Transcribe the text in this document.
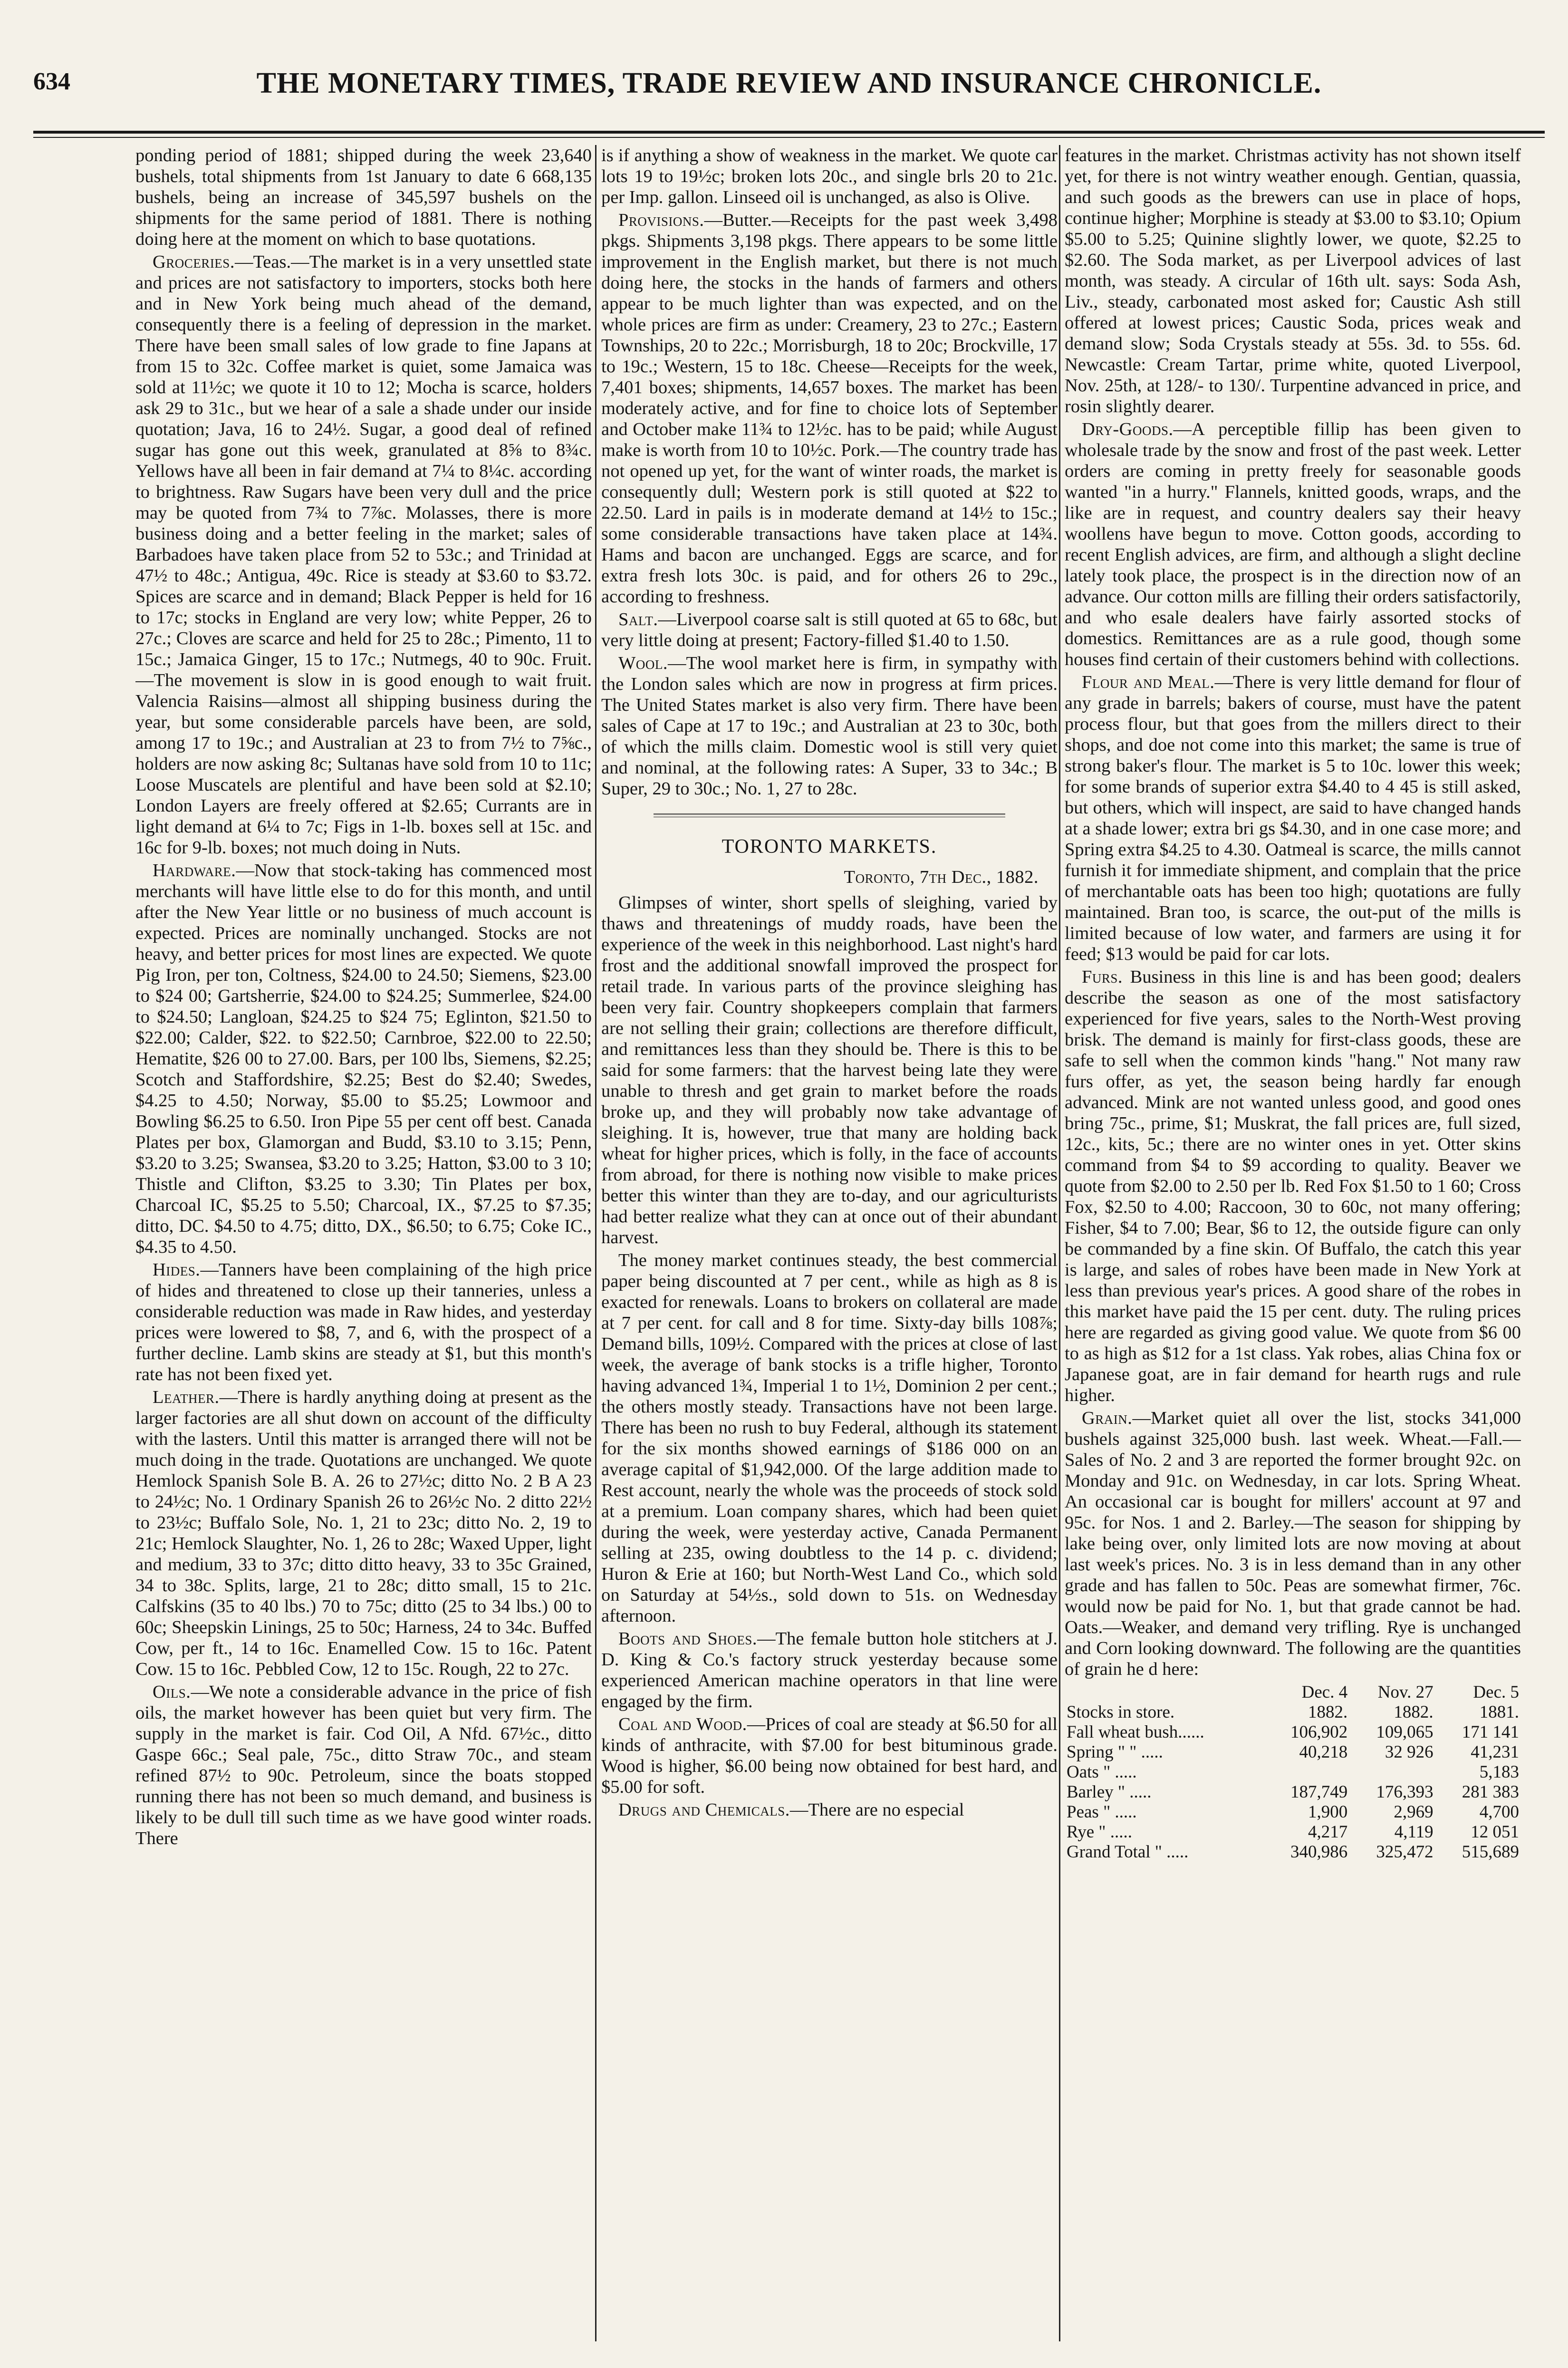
634	THE MONETARY TIMES, TRADE REVIEW AND INSURANCE CHRONICLE.

ponding period of 1881; shipped during the week 23,640 bushels, total shipments from 1st January to date 6 668,135 bushels, being an increase of 345,597 bushels on the shipments for the same period of 1881. There is nothing doing here at the moment on which to base quotations.

Groceries.—Teas.—The market is in a very unsettled state and prices are not satisfactory to importers, stocks both here and in New York being much ahead of the demand, consequently there is a feeling of depression in the market. There have been small sales of low grade to fine Japans at from 15 to 32c. Coffee market is quiet, some Jamaica was sold at 11½c; we quote it 10 to 12; Mocha is scarce, holders ask 29 to 31c., but we hear of a sale a shade under our inside quotation; Java, 16 to 24½. Sugar, a good deal of refined sugar has gone out this week, granulated at 8⅝ to 8¾c. Yellows have all been in fair demand at 7¼ to 8¼c. according to brightness. Raw Sugars have been very dull and the price may be quoted from 7¾ to 7⅞c. Molasses, there is more business doing and a better feeling in the market; sales of Barbadoes have taken place from 52 to 53c.; and Trinidad at 47½ to 48c.; Antigua, 49c. Rice is steady at $3.60 to $3.72. Spices are scarce and in demand; Black Pepper is held for 16 to 17c; stocks in England are very low; white Pepper, 26 to 27c.; Cloves are scarce and held for 25 to 28c.; Pimento, 11 to 15c.; Jamaica Ginger, 15 to 17c.; Nutmegs, 40 to 90c. Fruit.—The movement is slow in is good enough to wait fruit. Valencia Raisins—almost all shipping business during the year, but some considerable parcels have been, are sold, among 17 to 19c.; and Australian at 23 to from 7½ to 7⅝c., holders are now asking 8c; Sultanas have sold from 10 to 11c; Loose Muscatels are plentiful and have been sold at $2.10; London Layers are freely offered at $2.65; Currants are in light demand at 6¼ to 7c; Figs in 1-lb. boxes sell at 15c. and 16c for 9-lb. boxes; not much doing in Nuts.

Hardware.—Now that stock-taking has commenced most merchants will have little else to do for this month, and until after the New Year little or no business of much account is expected. Prices are nominally unchanged. Stocks are not heavy, and better prices for most lines are expected. We quote Pig Iron, per ton, Coltness, $24.00 to 24.50; Siemens, $23.00 to $24 00; Gartsherrie, $24.00 to $24.25; Summerlee, $24.00 to $24.50; Langloan, $24.25 to $24 75; Eglinton, $21.50 to $22.00; Calder, $22. to $22.50; Carnbroe, $22.00 to 22.50; Hematite, $26 00 to 27.00. Bars, per 100 lbs, Siemens, $2.25; Scotch and Staffordshire, $2.25; Best do $2.40; Swedes, $4.25 to 4.50; Norway, $5.00 to $5.25; Lowmoor and Bowling $6.25 to 6.50. Iron Pipe 55 per cent off best. Canada Plates per box, Glamorgan and Budd, $3.10 to 3.15; Penn, $3.20 to 3.25; Swansea, $3.20 to 3.25; Hatton, $3.00 to 3 10; Thistle and Clifton, $3.25 to 3.30; Tin Plates per box, Charcoal IC, $5.25 to 5.50; Charcoal, IX., $7.25 to $7.35; ditto, DC. $4.50 to 4.75; ditto, DX., $6.50; to 6.75; Coke IC., $4.35 to 4.50.

Hides.—Tanners have been complaining of the high price of hides and threatened to close up their tanneries, unless a considerable reduction was made in Raw hides, and yesterday prices were lowered to $8, 7, and 6, with the prospect of a further decline. Lamb skins are steady at $1, but this month's rate has not been fixed yet.

Leather.—There is hardly anything doing at present as the larger factories are all shut down on account of the difficulty with the lasters. Until this matter is arranged there will not be much doing in the trade. Quotations are unchanged. We quote Hemlock Spanish Sole B. A. 26 to 27½c; ditto No. 2 B A 23 to 24½c; No. 1 Ordinary Spanish 26 to 26½c No. 2 ditto 22½ to 23½c; Buffalo Sole, No. 1, 21 to 23c; ditto No. 2, 19 to 21c; Hemlock Slaughter, No. 1, 26 to 28c; Waxed Upper, light and medium, 33 to 37c; ditto ditto heavy, 33 to 35c Grained, 34 to 38c. Splits, large, 21 to 28c; ditto small, 15 to 21c. Calfskins (35 to 40 lbs.) 70 to 75c; ditto (25 to 34 lbs.) 00 to 60c; Sheepskin Linings, 25 to 50c; Harness, 24 to 34c. Buffed Cow, per ft., 14 to 16c. Enamelled Cow. 15 to 16c. Patent Cow. 15 to 16c. Pebbled Cow, 12 to 15c. Rough, 22 to 27c.

Oils.—We note a considerable advance in the price of fish oils, the market however has been quiet but very firm. The supply in the market is fair. Cod Oil, A Nfd. 67½c., ditto Gaspe 66c.; Seal pale, 75c., ditto Straw 70c., and steam refined 87½ to 90c. Petroleum, since the boats stopped running there has not been so much demand, and business is likely to be dull till such time as we have good winter roads. There

is if anything a show of weakness in the market. We quote car lots 19 to 19½c; broken lots 20c., and single brls 20 to 21c. per Imp. gallon. Linseed oil is unchanged, as also is Olive.

Provisions.—Butter.—Receipts for the past week 3,498 pkgs. Shipments 3,198 pkgs. There appears to be some little improvement in the English market, but there is not much doing here, the stocks in the hands of farmers and others appear to be much lighter than was expected, and on the whole prices are firm as under: Creamery, 23 to 27c.; Eastern Townships, 20 to 22c.; Morrisburgh, 18 to 20c; Brockville, 17 to 19c.; Western, 15 to 18c. Cheese—Receipts for the week, 7,401 boxes; shipments, 14,657 boxes. The market has been moderately active, and for fine to choice lots of September and October make 11¾ to 12½c. has to be paid; while August make is worth from 10 to 10½c. Pork.—The country trade has not opened up yet, for the want of winter roads, the market is consequently dull; Western pork is still quoted at $22 to 22.50. Lard in pails is in moderate demand at 14½ to 15c.; some considerable transactions have taken place at 14¾. Hams and bacon are unchanged. Eggs are scarce, and for extra fresh lots 30c. is paid, and for others 26 to 29c., according to freshness.

Salt.—Liverpool coarse salt is still quoted at 65 to 68c, but very little doing at present; Factory-filled $1.40 to 1.50.

Wool.—The wool market here is firm, in sympathy with the London sales which are now in progress at firm prices. The United States market is also very firm. There have been sales of Cape at 17 to 19c.; and Australian at 23 to 30c, both of which the mills claim. Domestic wool is still very quiet and nominal, at the following rates: A Super, 33 to 34c.; B Super, 29 to 30c.; No. 1, 27 to 28c.

TORONTO MARKETS.
Toronto, 7th Dec., 1882.

Glimpses of winter, short spells of sleighing, varied by thaws and threatenings of muddy roads, have been the experience of the week in this neighborhood. Last night's hard frost and the additional snowfall improved the prospect for retail trade. In various parts of the province sleighing has been very fair. Country shopkeepers complain that farmers are not selling their grain; collections are therefore difficult, and remittances less than they should be. There is this to be said for some farmers: that the harvest being late they were unable to thresh and get grain to market before the roads broke up, and they will probably now take advantage of sleighing. It is, however, true that many are holding back wheat for higher prices, which is folly, in the face of accounts from abroad, for there is nothing now visible to make prices better this winter than they are to-day, and our agriculturists had better realize what they can at once out of their abundant harvest.

The money market continues steady, the best commercial paper being discounted at 7 per cent., while as high as 8 is exacted for renewals. Loans to brokers on collateral are made at 7 per cent. for call and 8 for time. Sixty-day bills 108⅞; Demand bills, 109½. Compared with the prices at close of last week, the average of bank stocks is a trifle higher, Toronto having advanced 1¾, Imperial 1 to 1½, Dominion 2 per cent.; the others mostly steady. Transactions have not been large. There has been no rush to buy Federal, although its statement for the six months showed earnings of $186 000 on an average capital of $1,942,000. Of the large addition made to Rest account, nearly the whole was the proceeds of stock sold at a premium. Loan company shares, which had been quiet during the week, were yesterday active, Canada Permanent selling at 235, owing doubtless to the 14 p. c. dividend; Huron & Erie at 160; but North-West Land Co., which sold on Saturday at 54½s., sold down to 51s. on Wednesday afternoon.

Boots and Shoes.—The female button hole stitchers at J. D. King & Co.'s factory struck yesterday because some experienced American machine operators in that line were engaged by the firm.

Coal and Wood.—Prices of coal are steady at $6.50 for all kinds of anthracite, with $7.00 for best bituminous grade. Wood is higher, $6.00 being now obtained for best hard, and $5.00 for soft.

Drugs and Chemicals.—There are no especial

features in the market. Christmas activity has not shown itself yet, for there is not wintry weather enough. Gentian, quassia, and such goods as the brewers can use in place of hops, continue higher; Morphine is steady at $3.00 to $3.10; Opium $5.00 to 5.25; Quinine slightly lower, we quote, $2.25 to $2.60. The Soda market, as per Liverpool advices of last month, was steady. A circular of 16th ult. says: Soda Ash, Liv., steady, carbonated most asked for; Caustic Ash still offered at lowest prices; Caustic Soda, prices weak and demand slow; Soda Crystals steady at 55s. 3d. to 55s. 6d. Newcastle: Cream Tartar, prime white, quoted Liverpool, Nov. 25th, at 128/- to 130/. Turpentine advanced in price, and rosin slightly dearer.

Dry-Goods.—A perceptible fillip has been given to wholesale trade by the snow and frost of the past week. Letter orders are coming in pretty freely for seasonable goods wanted "in a hurry." Flannels, knitted goods, wraps, and the like are in request, and country dealers say their heavy woollens have begun to move. Cotton goods, according to recent English advices, are firm, and although a slight decline lately took place, the prospect is in the direction now of an advance. Our cotton mills are filling their orders satisfactorily, and who esale dealers have fairly assorted stocks of domestics. Remittances are as a rule good, though some houses find certain of their customers behind with collections.

Flour and Meal.—There is very little demand for flour of any grade in barrels; bakers of course, must have the patent process flour, but that goes from the millers direct to their shops, and doe not come into this market; the same is true of strong baker's flour. The market is 5 to 10c. lower this week; for some brands of superior extra $4.40 to 4 45 is still asked, but others, which will inspect, are said to have changed hands at a shade lower; extra bri gs $4.30, and in one case more; and Spring extra $4.25 to 4.30. Oatmeal is scarce, the mills cannot furnish it for immediate shipment, and complain that the price of merchantable oats has been too high; quotations are fully maintained. Bran too, is scarce, the out-put of the mills is limited because of low water, and farmers are using it for feed; $13 would be paid for car lots.

Furs. Business in this line is and has been good; dealers describe the season as one of the most satisfactory experienced for five years, sales to the North-West proving brisk. The demand is mainly for first-class goods, these are safe to sell when the common kinds "hang." Not many raw furs offer, as yet, the season being hardly far enough advanced. Mink are not wanted unless good, and good ones bring 75c., prime, $1; Muskrat, the fall prices are, full sized, 12c., kits, 5c.; there are no winter ones in yet. Otter skins command from $4 to $9 according to quality. Beaver we quote from $2.00 to 2.50 per lb. Red Fox $1.50 to 1 60; Cross Fox, $2.50 to 4.00; Raccoon, 30 to 60c, not many offering; Fisher, $4 to 7.00; Bear, $6 to 12, the outside figure can only be commanded by a fine skin. Of Buffalo, the catch this year is large, and sales of robes have been made in New York at less than previous year's prices. A good share of the robes in this market have paid the 15 per cent. duty. The ruling prices here are regarded as giving good value. We quote from $6 00 to as high as $12 for a 1st class. Yak robes, alias China fox or Japanese goat, are in fair demand for hearth rugs and rule higher.

Grain.—Market quiet all over the list, stocks 341,000 bushels against 325,000 bush. last week. Wheat.—Fall.—Sales of No. 2 and 3 are reported the former brought 92c. on Monday and 91c. on Wednesday, in car lots. Spring Wheat. An occasional car is bought for millers' account at 97 and 95c. for Nos. 1 and 2. Barley.—The season for shipping by lake being over, only limited lots are now moving at about last week's prices. No. 3 is in less demand than in any other grade and has fallen to 50c. Peas are somewhat firmer, 76c. would now be paid for No. 1, but that grade cannot be had. Oats.—Weaker, and demand very trifling. Rye is unchanged and Corn looking downward. The following are the quantities of grain he d here:

	Dec. 4	Nov. 27	Dec. 5
Stocks in store.	1882.	1882.	1881.
Fall wheat bush......	106,902	109,065	171 141
Spring " " .....	40,218	32 926	41,231
Oats " .....			5,183
Barley " .....	187,749	176,393	281 383
Peas " .....	1,900	2,969	4,700
Rye " .....	4,217	4,119	12 051
Grand Total " .....	340,986	325,472	515,689
